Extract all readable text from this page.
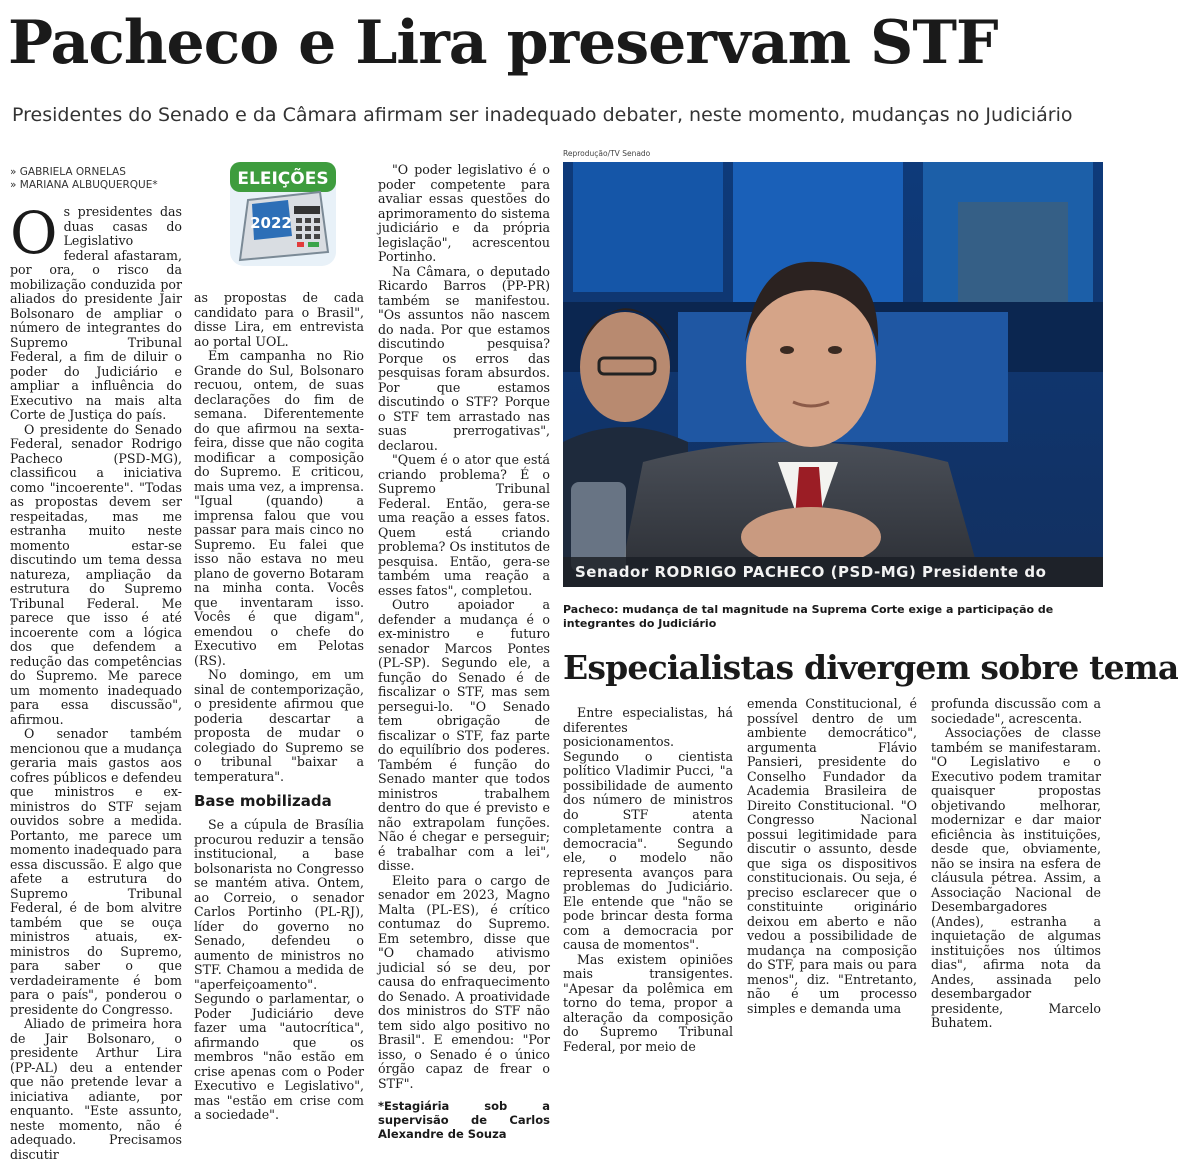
Pacheco e Lira preservam STF

Presidentes do Senado e da Câmara afirmam ser inadequado debater, neste momento, mudanças no Judiciário

» GABRIELA ORNELAS

» MARIANA ALBUQUERQUE*	ELEIÇÕES
2022
O s presidentes das duas casas do Legislativo federal afastaram, por ora, o risco da mobilização conduzida por aliados do presidente Jair Bolsonaro de ampliar o número de integrantes do Supremo Tribunal Federal, a fim de diluir o poder do Judiciário e ampliar a influência do Executivo na mais alta Corte de Justiça do país.

O presidente do Senado Federal, senador Rodrigo Pacheco (PSD-MG), classificou a iniciativa como "incoerente". "Todas as propostas devem ser respeitadas, mas me estranha muito neste momento estar-se discutindo um tema dessa natureza, ampliação da estrutura do Supremo Tribunal Federal. Me parece que isso é até incoerente com a lógica dos que defendem a redução das competências do Supremo. Me parece um momento inadequado para essa discussão", afirmou.

O senador também mencionou que a mudança geraria mais gastos aos cofres públicos e defendeu que ministros e ex-ministros do STF sejam ouvidos sobre a medida. Portanto, me parece um momento inadequado para essa discussão. E algo que afete a estrutura do Supremo Tribunal Federal, é de bom alvitre também que se ouça ministros atuais, ex-ministros do Supremo, para saber o que verdadeiramente é bom para o país", ponderou o presidente do Congresso.

Aliado de primeira hora de Jair Bolsonaro, o presidente Arthur Lira (PP-AL) deu a entender que não pretende levar a iniciativa adiante, por enquanto. "Este assunto, neste momento, não é adequado. Precisamos discutir

as propostas de cada candidato para o Brasil", disse Lira, em entrevista ao portal UOL.

Em campanha no Rio Grande do Sul, Bolsonaro recuou, ontem, de suas declarações do fim de semana. Diferentemente do que afirmou na sexta-feira, disse que não cogita modificar a composição do Supremo. E criticou, mais uma vez, a imprensa. "Igual (quando) a imprensa falou que vou passar para mais cinco no Supremo. Eu falei que isso não estava no meu plano de governo Botaram na minha conta. Vocês que inventaram isso. Vocês é que digam", emendou o chefe do Executivo em Pelotas (RS).

No domingo, em um sinal de contemporização, o presidente afirmou que poderia descartar a proposta de mudar o colegiado do Supremo se o tribunal "baixar a temperatura".

Base mobilizada

Se a cúpula de Brasília procurou reduzir a tensão institucional, a base bolsonarista no Congresso se mantém ativa. Ontem, ao Correio, o senador Carlos Portinho (PL-RJ), líder do governo no Senado, defendeu o aumento de ministros no STF. Chamou a medida de "aperfeiçoamento". Segundo o parlamentar, o Poder Judiciário deve fazer uma "autocrítica", afirmando que os membros "não estão em crise apenas com o Poder Executivo e Legislativo", mas "estão em crise com a sociedade".

"O poder legislativo é o poder competente para avaliar essas questões do aprimoramento do sistema judiciário e da própria legislação", acrescentou Portinho.

Na Câmara, o deputado Ricardo Barros (PP-PR) também se manifestou. "Os assuntos não nascem do nada. Por que estamos discutindo pesquisa? Porque os erros das pesquisas foram absurdos. Por que estamos discutindo o STF? Porque o STF tem arrastado nas suas prerrogativas", declarou.

"Quem é o ator que está criando problema? É o Supremo Tribunal Federal. Então, gera-se uma reação a esses fatos. Quem está criando problema? Os institutos de pesquisa. Então, gera-se também uma reação a esses fatos", completou.

Outro apoiador a defender a mudança é o ex-ministro e futuro senador Marcos Pontes (PL-SP). Segundo ele, a função do Senado é de fiscalizar o STF, mas sem persegui-lo. "O Senado tem obrigação de fiscalizar o STF, faz parte do equilíbrio dos poderes. Também é função do Senado manter que todos ministros trabalhem dentro do que é previsto e não extrapolam funções. Não é chegar e perseguir; é trabalhar com a lei", disse.

Eleito para o cargo de senador em 2023, Magno Malta (PL-ES), é crítico contumaz do Supremo. Em setembro, disse que "O chamado ativismo judicial só se deu, por causa do enfraquecimento do Senado. A proatividade dos ministros do STF não tem sido algo positivo no Brasil". E emendou: "Por isso, o Senado é o único órgão capaz de frear o STF".

*Estagiária sob a supervisão de Carlos Alexandre de Souza

Reprodução/TV Senado

Senador RODRIGO PACHECO (PSD-MG) Presidente do

Pacheco: mudança de tal magnitude na Suprema Corte exige a participação de integrantes do Judiciário

Especialistas divergem sobre tema

Entre especialistas, há diferentes posicionamentos. Segundo o cientista político Vladimir Pucci, "a possibilidade de aumento dos número de ministros do STF atenta completamente contra a democracia". Segundo ele, o modelo não representa avanços para problemas do Judiciário. Ele entende que "não se pode brincar desta forma com a democracia por causa de momentos".

Mas existem opiniões mais transigentes. "Apesar da polêmica em torno do tema, propor a alteração da composição do Supremo Tribunal Federal, por meio de

emenda Constitucional, é possível dentro de um ambiente democrático", argumenta Flávio Pansieri, presidente do Conselho Fundador da Academia Brasileira de Direito Constitucional. "O Congresso Nacional possui legitimidade para discutir o assunto, desde que siga os dispositivos constitucionais. Ou seja, é preciso esclarecer que o constituinte originário deixou em aberto e não vedou a possibilidade de mudança na composição do STF, para mais ou para menos", diz. "Entretanto, não é um processo simples e demanda uma

profunda discussão com a sociedade", acrescenta.

Associações de classe também se manifestaram. "O Legislativo e o Executivo podem tramitar quaisquer propostas objetivando melhorar, modernizar e dar maior eficiência às instituições, desde que, obviamente, não se insira na esfera de cláusula pétrea. Assim, a Associação Nacional de Desembargadores (Andes), estranha a inquietação de algumas instituições nos últimos dias", afirma nota da Andes, assinada pelo desembargador presidente, Marcelo Buhatem.
